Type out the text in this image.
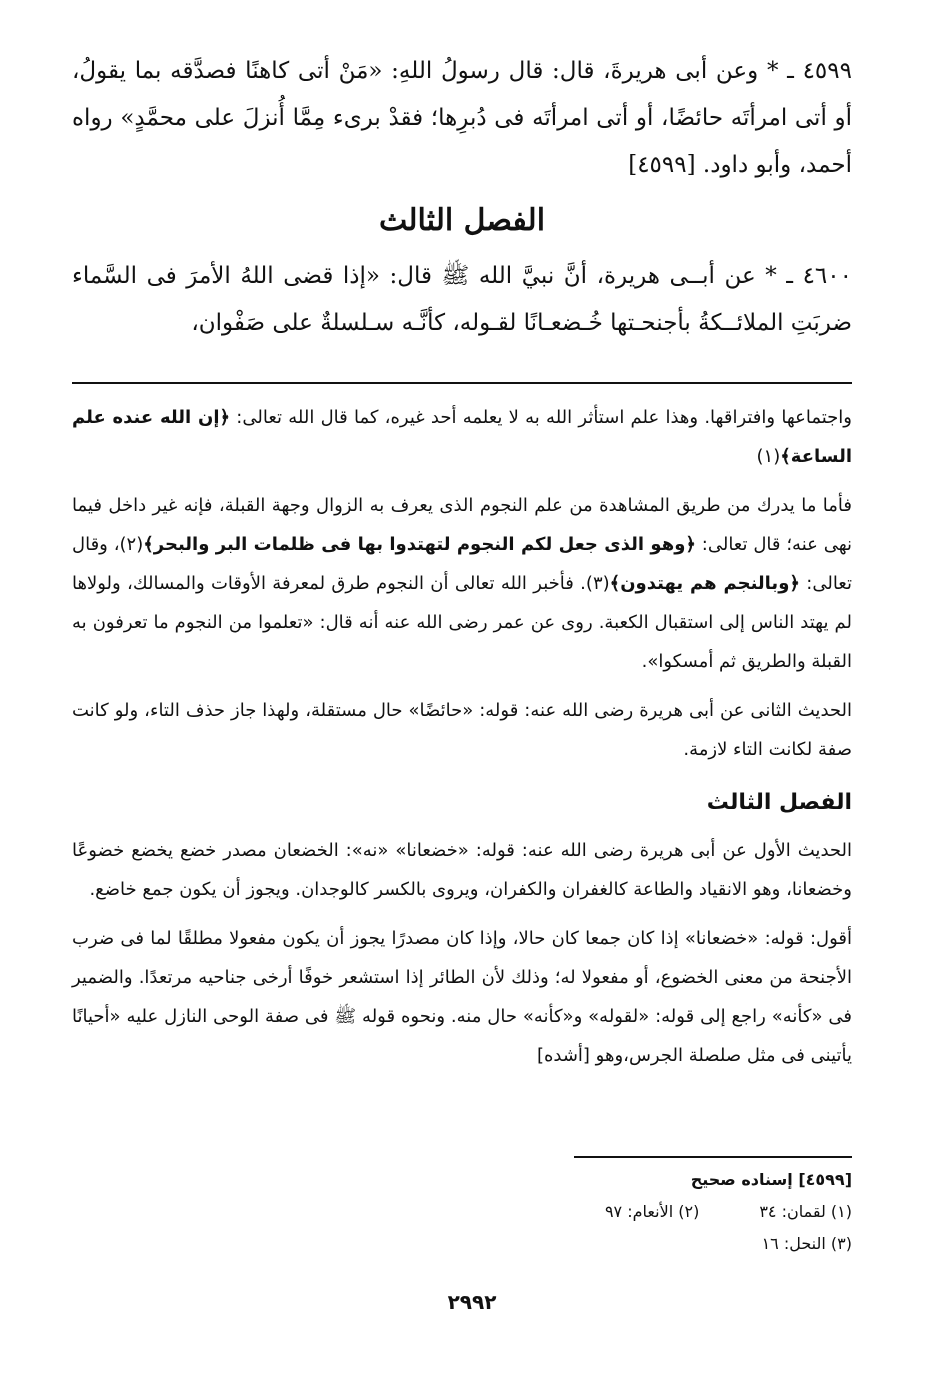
٤٥٩٩ ـ * وعن أبى هريرةَ، قال: قال رسولُ اللهِ: «مَنْ أتى كاهنًا فصدَّقه بما يقولُ، أو أتى امرأتَه حائضًا، أو أتى امرأتَه فى دُبرِها؛ فقدْ برىء مِمَّا أُنزلَ على محمَّدٍ» رواه أحمد، وأبو داود. [٤٥٩٩]

الفصل الثالث

٤٦٠٠ ـ * عن أبــى هريرة، أنَّ نبيَّ الله ﷺ قال: «إذا قضى اللهُ الأمرَ فى السَّماء ضربَتِ الملائــكةُ بأجنحـتها خُـضعـانًا لقـوله، كأنَّـه سـلسلةٌ على صَفْوان،

واجتماعها وافتراقها. وهذا علم استأثر الله به لا يعلمه أحد غيره، كما قال الله تعالى: ﴿إن الله عنده علم الساعة﴾(١)

فأما ما يدرك من طريق المشاهدة من علم النجوم الذى يعرف به الزوال وجهة القبلة، فإنه غير داخل فيما نهى عنه؛ قال تعالى: ﴿وهو الذى جعل لكم النجوم لتهتدوا بها فى ظلمات البر والبحر﴾(٢)، وقال تعالى: ﴿وبالنجم هم يهتدون﴾(٣). فأخبر الله تعالى أن النجوم طرق لمعرفة الأوقات والمسالك، ولولاها لم يهتد الناس إلى استقبال الكعبة. روى عن عمر رضى الله عنه أنه قال: «تعلموا من النجوم ما تعرفون به القبلة والطريق ثم أمسكوا».

الحديث الثانى عن أبى هريرة رضى الله عنه: قوله: «حائضًا» حال مستقلة، ولهذا جاز حذف التاء، ولو كانت صفة لكانت التاء لازمة.

الفصل الثالث

الحديث الأول عن أبى هريرة رضى الله عنه: قوله: «خضعانا» «نه»: الخضعان مصدر خضع يخضع خضوعًا وخضعانا، وهو الانقياد والطاعة كالغفران والكفران، ويروى بالكسر كالوجدان. ويجوز أن يكون جمع خاضع.

أقول: قوله: «خضعانا» إذا كان جمعا كان حالا، وإذا كان مصدرًا يجوز أن يكون مفعولا مطلقًا لما فى ضرب الأجنحة من معنى الخضوع، أو مفعولا له؛ وذلك لأن الطائر إذا استشعر خوفًا أرخى جناحيه مرتعدًا. والضمير فى «كأنه» راجع إلى قوله: «لقوله» و«كأنه» حال منه. ونحوه قوله ﷺ فى صفة الوحى النازل عليه «أحيانًا يأتينى فى مثل صلصلة الجرس،وهو [أشده]

[٤٥٩٩] إسناده صحيح
(١) لقمان: ٣٤
(٢) الأنعام: ٩٧
(٣) النحل: ١٦
٢٩٩٢
